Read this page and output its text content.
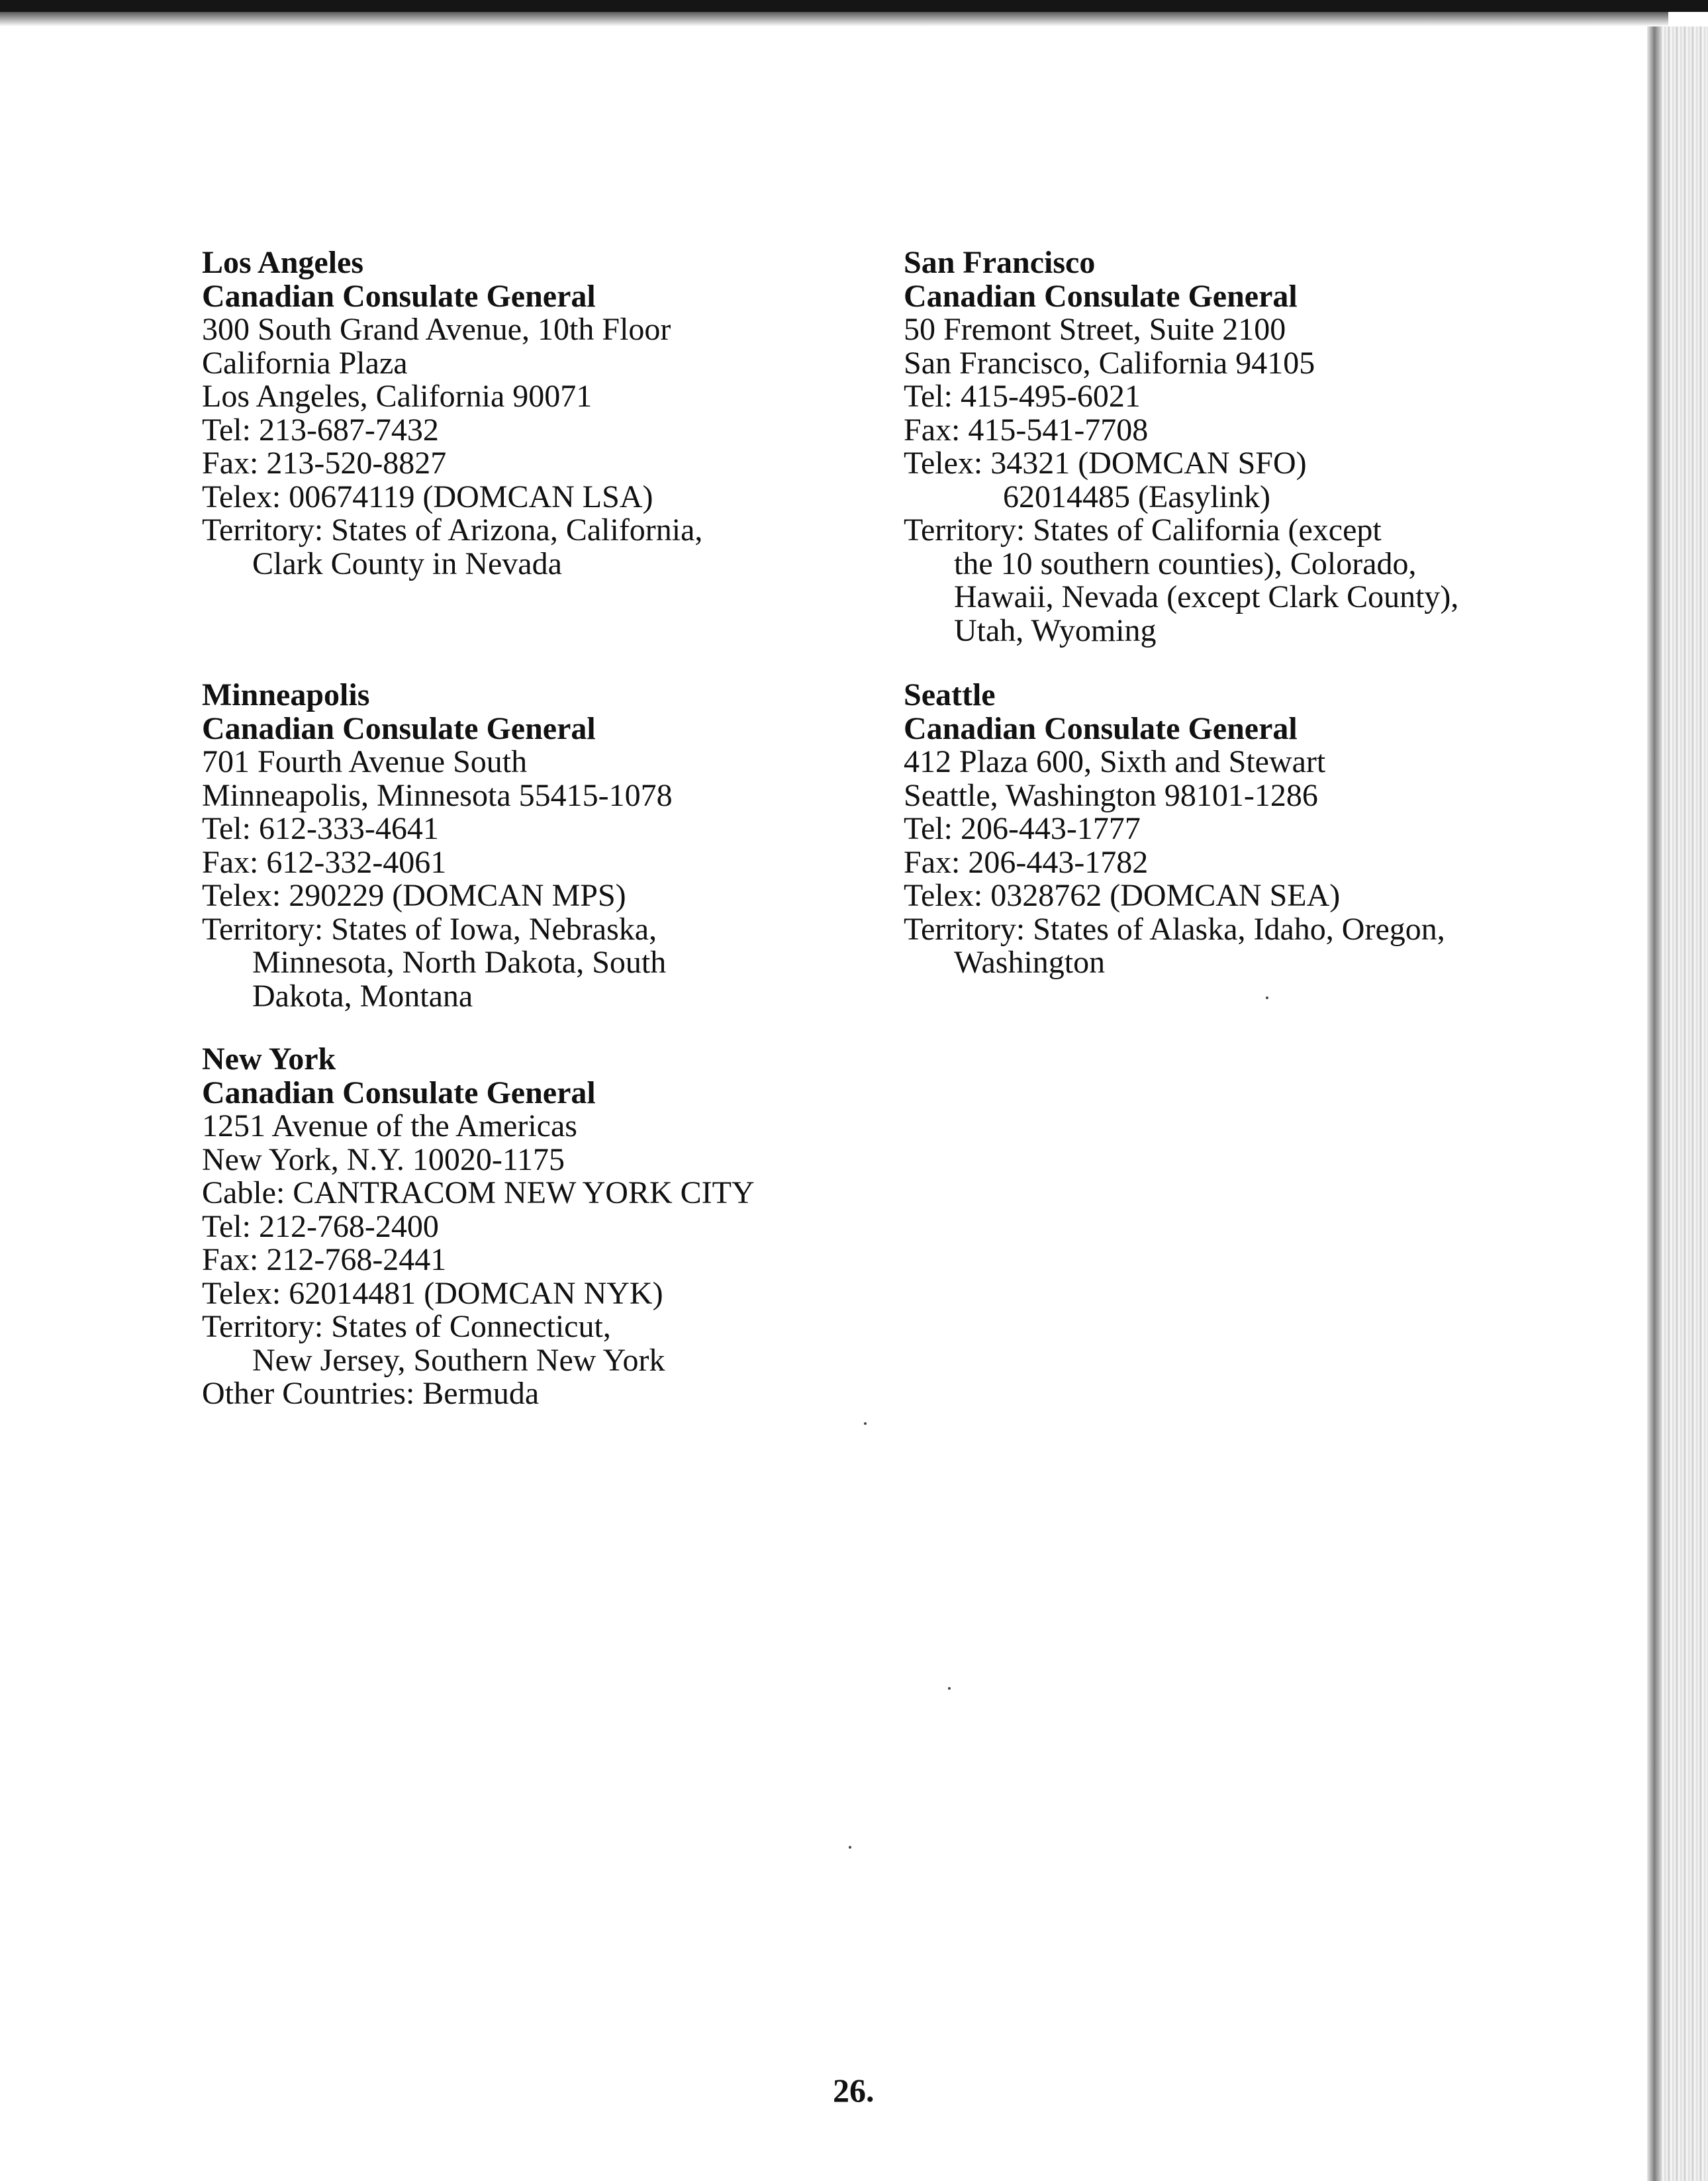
Los Angeles
Canadian Consulate General
300 South Grand Avenue, 10th Floor
California Plaza
Los Angeles, California 90071
Tel: 213-687-7432
Fax: 213-520-8827
Telex: 00674119 (DOMCAN LSA)
Territory: States of Arizona, California,
Clark County in Nevada
San Francisco
Canadian Consulate General
50 Fremont Street, Suite 2100
San Francisco, California 94105
Tel: 415-495-6021
Fax: 415-541-7708
Telex: 34321 (DOMCAN SFO)
62014485 (Easylink)
Territory: States of California (except
the 10 southern counties), Colorado,
Hawaii, Nevada (except Clark County),
Utah, Wyoming
Minneapolis
Canadian Consulate General
701 Fourth Avenue South
Minneapolis, Minnesota 55415-1078
Tel: 612-333-4641
Fax: 612-332-4061
Telex: 290229 (DOMCAN MPS)
Territory: States of Iowa, Nebraska,
Minnesota, North Dakota, South
Dakota, Montana
Seattle
Canadian Consulate General
412 Plaza 600, Sixth and Stewart
Seattle, Washington 98101-1286
Tel: 206-443-1777
Fax: 206-443-1782
Telex: 0328762 (DOMCAN SEA)
Territory: States of Alaska, Idaho, Oregon,
Washington
New York
Canadian Consulate General
1251 Avenue of the Americas
New York, N.Y. 10020-1175
Cable: CANTRACOM NEW YORK CITY
Tel: 212-768-2400
Fax: 212-768-2441
Telex: 62014481 (DOMCAN NYK)
Territory: States of Connecticut,
New Jersey, Southern New York
Other Countries: Bermuda
26.
